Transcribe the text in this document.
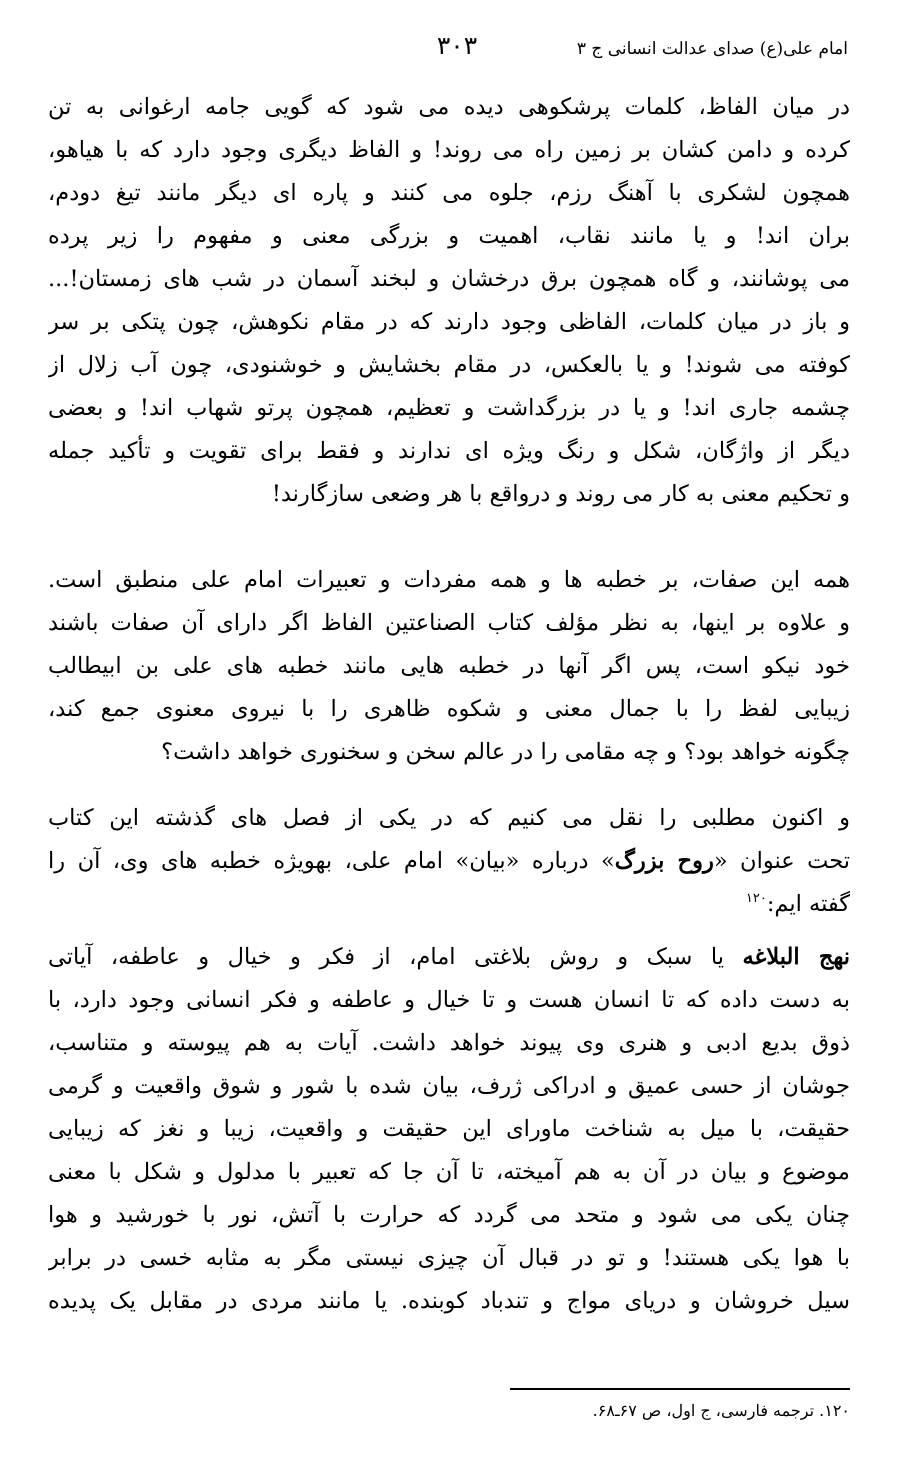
امام علی(ع) صدای عدالت انسانی ج ۳
۳۰۳
در میان الفاظ، کلمات پرشکوهی دیده می شود که گویی جامه ارغوانی به تن
کرده و دامن کشان بر زمین راه می روند! و الفاظ دیگری وجود دارد که با هیاهو،
همچون لشکری با آهنگ رزم، جلوه می کنند و پاره ای دیگر مانند تیغ دودم،
بران اند! و یا مانند نقاب، اهمیت و بزرگی معنی و مفهوم را زیر پرده
می پوشانند، و گاه همچون برق درخشان و لبخند آسمان در شب های زمستان!...
و باز در میان کلمات، الفاظی وجود دارند که در مقام نکوهش، چون پتکی بر سر
کوفته می شوند! و یا بالعکس، در مقام بخشایش و خوشنودی، چون آب زلال از
چشمه جاری اند! و یا در بزرگداشت و تعظیم، همچون پرتو شهاب اند! و بعضی
دیگر از واژگان، شکل و رنگ ویژه ای ندارند و فقط برای تقویت و تأکید جمله
و تحکیم معنی به کار می روند و درواقع با هر وضعی سازگارند!
همه این صفات، بر خطبه ها و همه مفردات و تعبیرات امام علی منطبق است.
و علاوه بر اینها، به نظر مؤلف کتاب الصناعتین الفاظ اگر دارای آن صفات باشند
خود نیکو است، پس اگر آنها در خطبه هایی مانند خطبه های علی بن ابیطالب
زیبایی لفظ را با جمال معنی و شکوه ظاهری را با نیروی معنوی جمع کند،
چگونه خواهد بود؟ و چه مقامی را در عالم سخن و سخنوری خواهد داشت؟
و اکنون مطلبی را نقل می کنیم که در یکی از فصل های گذشته این کتاب
تحت عنوان «روح بزرگ» درباره «بیان» امام علی، بهویژه خطبه های وی، آن را
گفته ایم:$^{۱۲۰}$
نهج البلاغه یا سبک و روش بلاغتی امام، از فکر و خیال و عاطفه، آیاتی
به دست داده که تا انسان هست و تا خیال و عاطفه و فکر انسانی وجود دارد، با
ذوق بدیع ادبی و هنری وی پیوند خواهد داشت. آیات به هم پیوسته و متناسب،
جوشان از حسی عمیق و ادراکی ژرف، بیان شده با شور و شوق واقعیت و گرمی
حقیقت، با میل به شناخت ماورای این حقیقت و واقعیت، زیبا و نغز که زیبایی
موضوع و بیان در آن به هم آمیخته، تا آن جا که تعبیر با مدلول و شکل با معنی
چنان یکی می شود و متحد می گردد که حرارت با آتش، نور با خورشید و هوا
با هوا یکی هستند! و تو در قبال آن چیزی نیستی مگر به مثابه خسی در برابر
سیل خروشان و دریای مواج و تندباد کوبنده. یا مانند مردی در مقابل یک پدیده
۱۲۰. ترجمه فارسی، ج اول، ص ۶۷ـ۶۸.
